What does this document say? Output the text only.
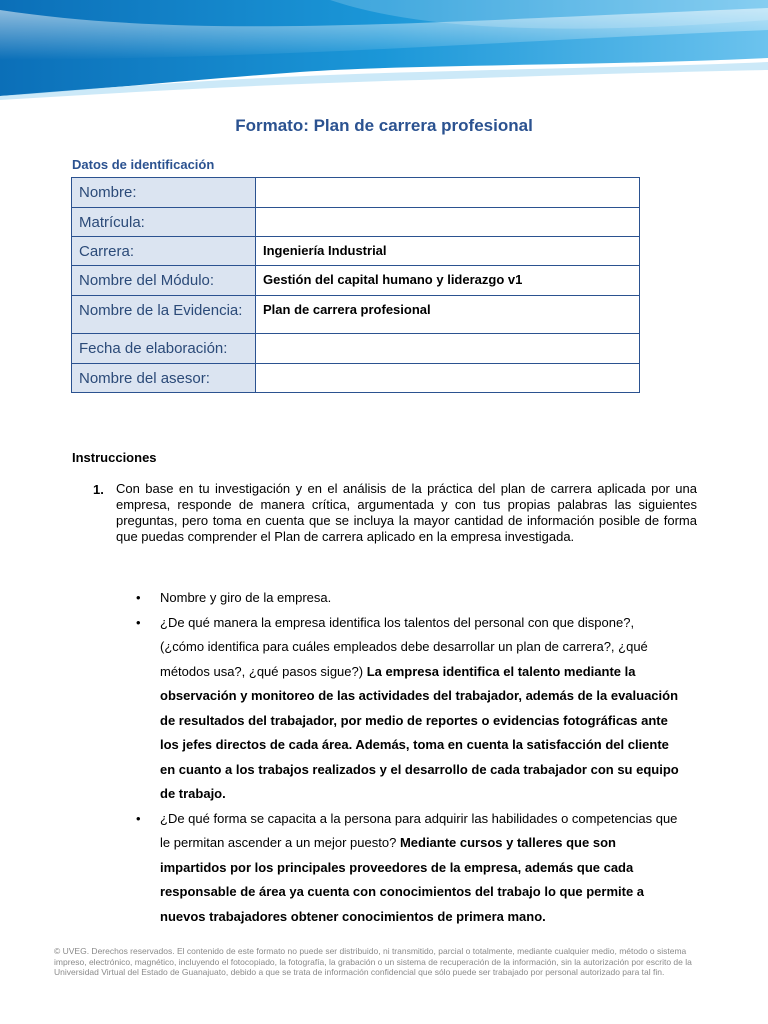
Formato: Plan de carrera profesional
Datos de identificación
Nombre:	
Matrícula:	
Carrera:	Ingeniería Industrial
Nombre del Módulo:	Gestión del capital humano y liderazgo v1
Nombre de la Evidencia:	Plan de carrera profesional
Fecha de elaboración:	
Nombre del asesor:	
Instrucciones
1. Con base en tu investigación y en el análisis de la práctica del plan de carrera aplicada por una empresa, responde de manera crítica, argumentada y con tus propias palabras las siguientes preguntas, pero toma en cuenta que se incluya la mayor cantidad de información posible de forma que puedas comprender el Plan de carrera aplicado en la empresa investigada.
• Nombre y giro de la empresa.
• ¿De qué manera la empresa identifica los talentos del personal con que dispone?, (¿cómo identifica para cuáles empleados debe desarrollar un plan de carrera?, ¿qué métodos usa?, ¿qué pasos sigue?) La empresa identifica el talento mediante la observación y monitoreo de las actividades del trabajador, además de la evaluación de resultados del trabajador, por medio de reportes o evidencias fotográficas ante los jefes directos de cada área. Además, toma en cuenta la satisfacción del cliente en cuanto a los trabajos realizados y el desarrollo de cada trabajador con su equipo de trabajo.
• ¿De qué forma se capacita a la persona para adquirir las habilidades o competencias que le permitan ascender a un mejor puesto? Mediante cursos y talleres que son impartidos por los principales proveedores de la empresa, además que cada responsable de área ya cuenta con conocimientos del trabajo lo que permite a nuevos trabajadores obtener conocimientos de primera mano.
© UVEG. Derechos reservados. El contenido de este formato no puede ser distribuido, ni transmitido, parcial o totalmente, mediante cualquier medio, método o sistema impreso, electrónico, magnético, incluyendo el fotocopiado, la fotografía, la grabación o un sistema de recuperación de la información, sin la autorización por escrito de la Universidad Virtual del Estado de Guanajuato, debido a que se trata de información confidencial que sólo puede ser trabajado por personal autorizado para tal fin.
